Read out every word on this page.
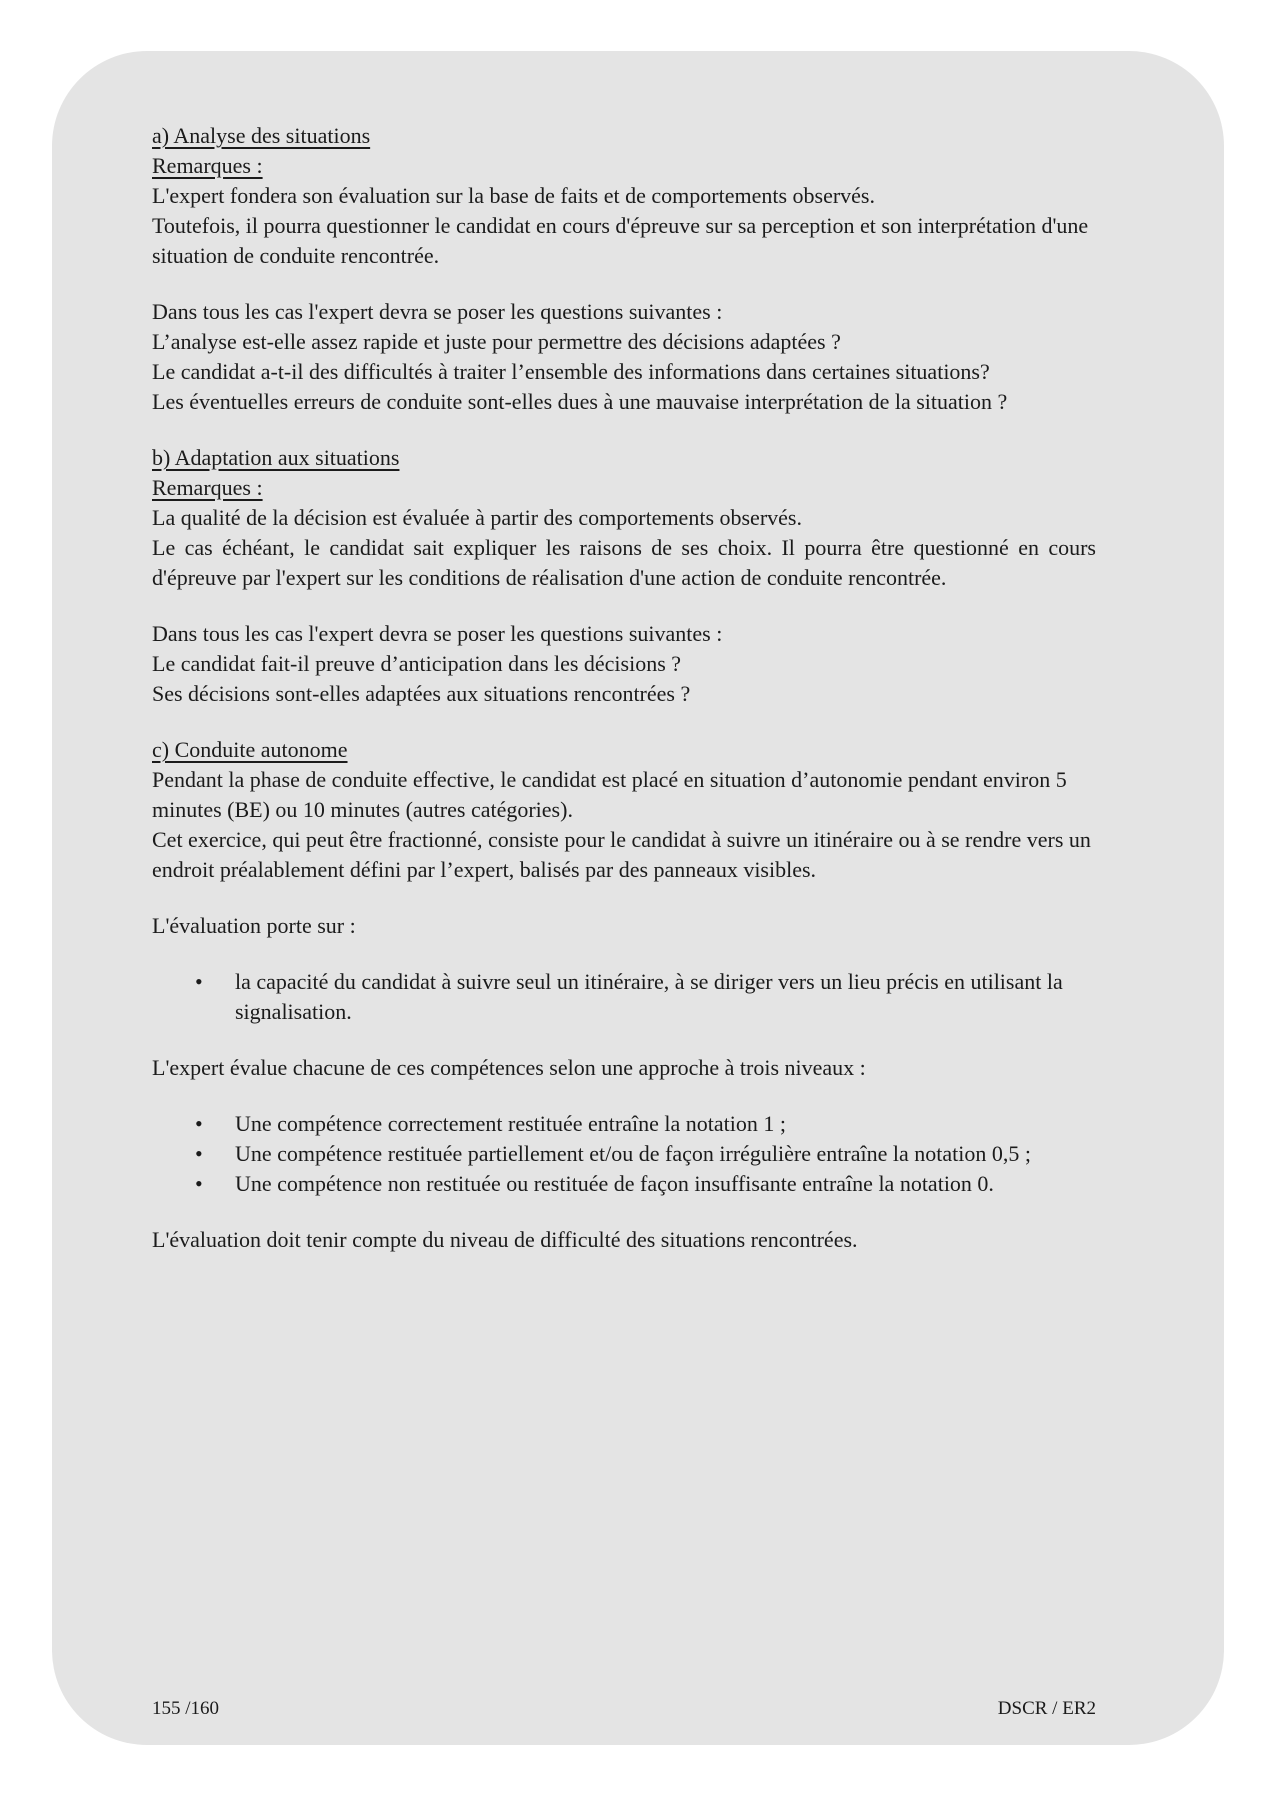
a) Analyse des situations

Remarques :

L'expert fondera son évaluation sur la base de faits et de comportements observés.

Toutefois, il pourra questionner le candidat en cours d'épreuve sur sa perception et son interprétation d'une situation de conduite rencontrée.

Dans tous les cas l'expert devra se poser les questions suivantes :

L’analyse est-elle assez rapide et juste pour permettre des décisions adaptées ?

Le candidat a-t-il des difficultés à traiter l’ensemble des informations dans certaines situations?

Les éventuelles erreurs de conduite sont-elles dues à une mauvaise interprétation de la situation ?

b) Adaptation aux situations

Remarques :

La qualité de la décision est évaluée à partir des comportements observés.

Le cas échéant, le candidat sait expliquer les raisons de ses choix. Il pourra être questionné en cours d'épreuve par l'expert sur les conditions de réalisation d'une action de conduite rencontrée.

Dans tous les cas l'expert devra se poser les questions suivantes :

Le candidat fait-il preuve d’anticipation dans les décisions ?

Ses décisions sont-elles adaptées aux situations rencontrées ?

c) Conduite autonome

Pendant la phase de conduite effective, le candidat est placé en situation d’autonomie pendant environ 5 minutes (BE) ou 10 minutes (autres catégories).

Cet exercice, qui peut être fractionné, consiste pour le candidat à suivre un itinéraire ou à se rendre vers un endroit préalablement défini par l’expert, balisés par des panneaux visibles.

L'évaluation porte sur :

•	la capacité du candidat à suivre seul un itinéraire, à se diriger vers un lieu précis en utilisant la signalisation.

L'expert évalue chacune de ces compétences selon une approche à trois niveaux :

•	Une compétence correctement restituée entraîne la notation 1 ;
•	Une compétence restituée partiellement et/ou de façon irrégulière entraîne la notation 0,5 ;
•	Une compétence non restituée ou restituée de façon insuffisante entraîne la notation 0.

L'évaluation doit tenir compte du niveau de difficulté des situations rencontrées.

155 /160	DSCR / ER2
